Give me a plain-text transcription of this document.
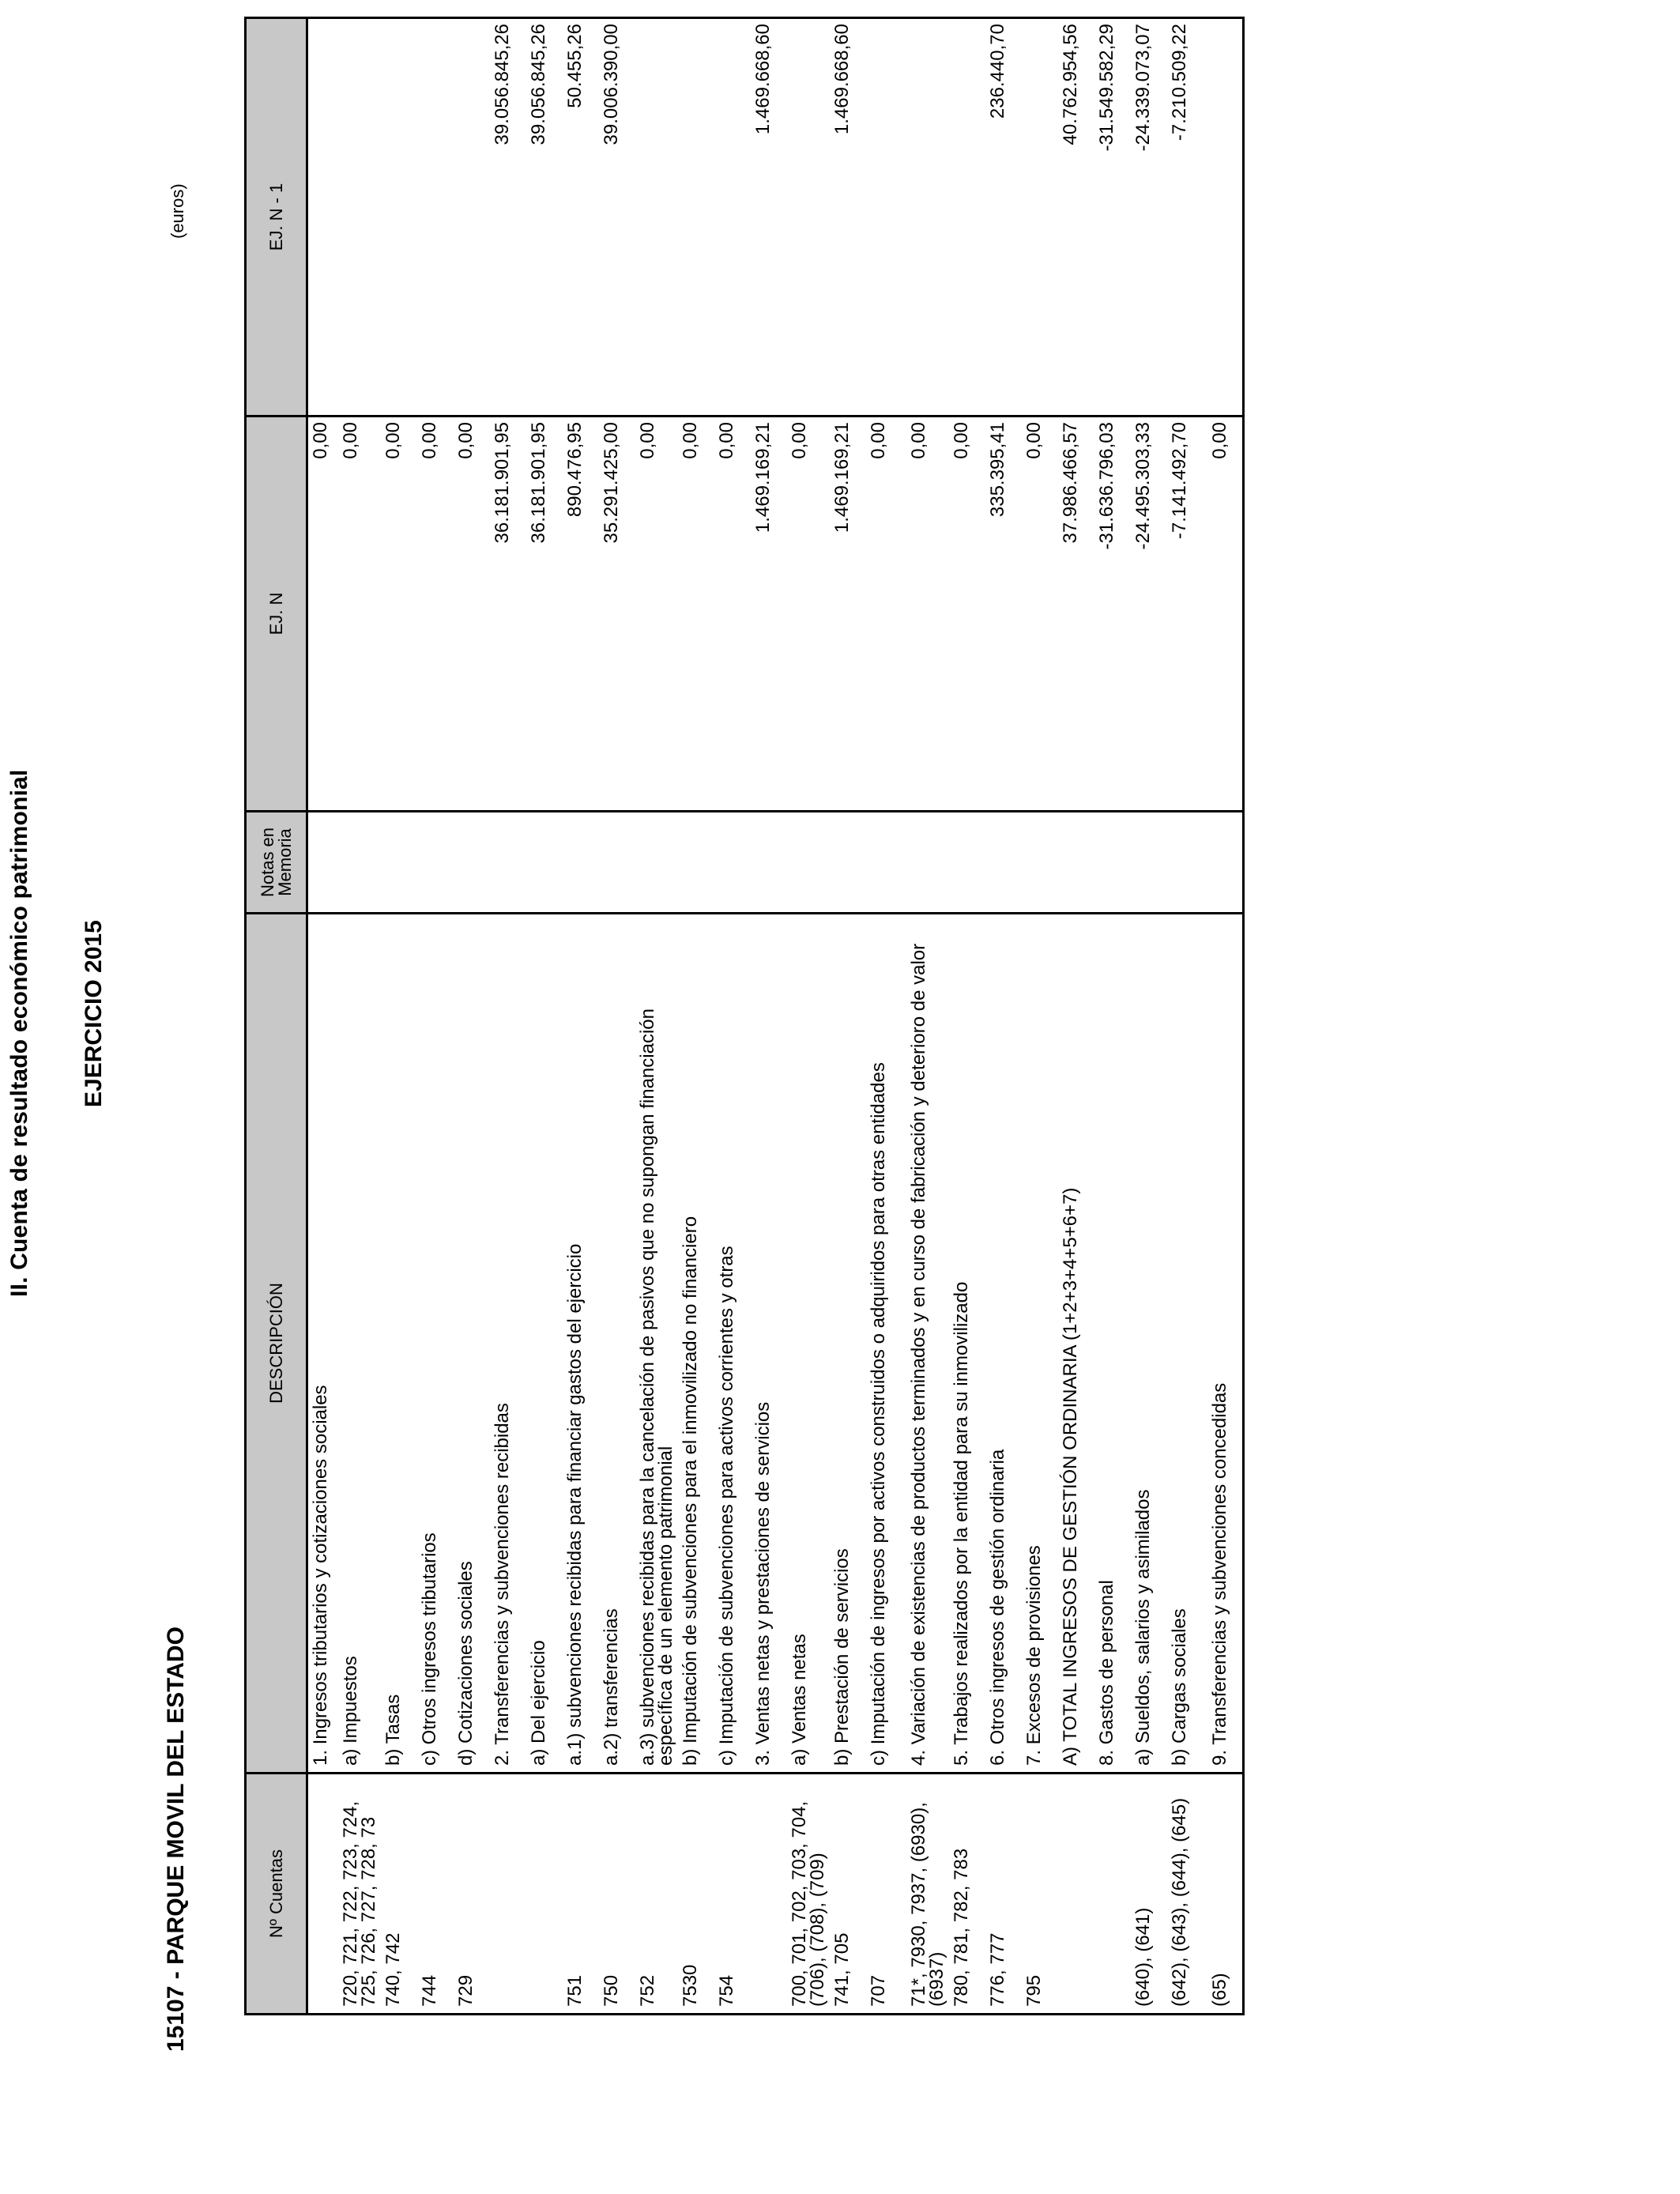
II. Cuenta de resultado económico patrimonial EJERCICIO 2015
15107 - PARQUE MOVIL DEL ESTADO
(euros)
Nº Cuentas	DESCRIPCIÓN	Notas en Memoria	EJ. N	EJ. N - 1
	1. Ingresos tributarios y cotizaciones sociales		0,00	
720, 721, 722, 723, 724, 725, 726, 727, 728, 73	a) Impuestos		0,00	
740, 742	b) Tasas		0,00	
744	c) Otros ingresos tributarios		0,00	
729	d) Cotizaciones sociales		0,00	
	2. Transferencias y subvenciones recibidas		36.181.901,95	39.056.845,26
	a) Del ejercicio		36.181.901,95	39.056.845,26
751	a.1) subvenciones recibidas para financiar gastos del ejercicio		890.476,95	50.455,26
750	a.2) transferencias		35.291.425,00	39.006.390,00
752	a.3) subvenciones recibidas para la cancelación de pasivos que no supongan financiación específica de un elemento patrimonial		0,00	
7530	b) Imputación de subvenciones para el inmovilizado no financiero		0,00	
754	c) Imputación de subvenciones para activos corrientes y otras		0,00	
	3. Ventas netas y prestaciones de servicios		1.469.169,21	1.469.668,60
700, 701, 702, 703, 704, (706), (708), (709)	a) Ventas netas		0,00	
741, 705	b) Prestación de servicios		1.469.169,21	1.469.668,60
707	c) Imputación de ingresos por activos construidos o adquiridos para otras entidades		0,00	
71*, 7930, 7937, (6930), (6937)	4. Variación de existencias de productos terminados y en curso de fabricación y deterioro de valor		0,00	
780, 781, 782, 783	5. Trabajos realizados por la entidad para su inmovilizado		0,00	
776, 777	6. Otros ingresos de gestión ordinaria		335.395,41	236.440,70
795	7. Excesos de provisiones		0,00	
	A) TOTAL INGRESOS DE GESTIÓN ORDINARIA (1+2+3+4+5+6+7)		37.986.466,57	40.762.954,56
	8. Gastos de personal		-31.636.796,03	-31.549.582,29
(640), (641)	a) Sueldos, salarios y asimilados		-24.495.303,33	-24.339.073,07
(642), (643), (644), (645)	b) Cargas sociales		-7.141.492,70	-7.210.509,22
(65)	9. Transferencias y subvenciones concedidas		0,00	
